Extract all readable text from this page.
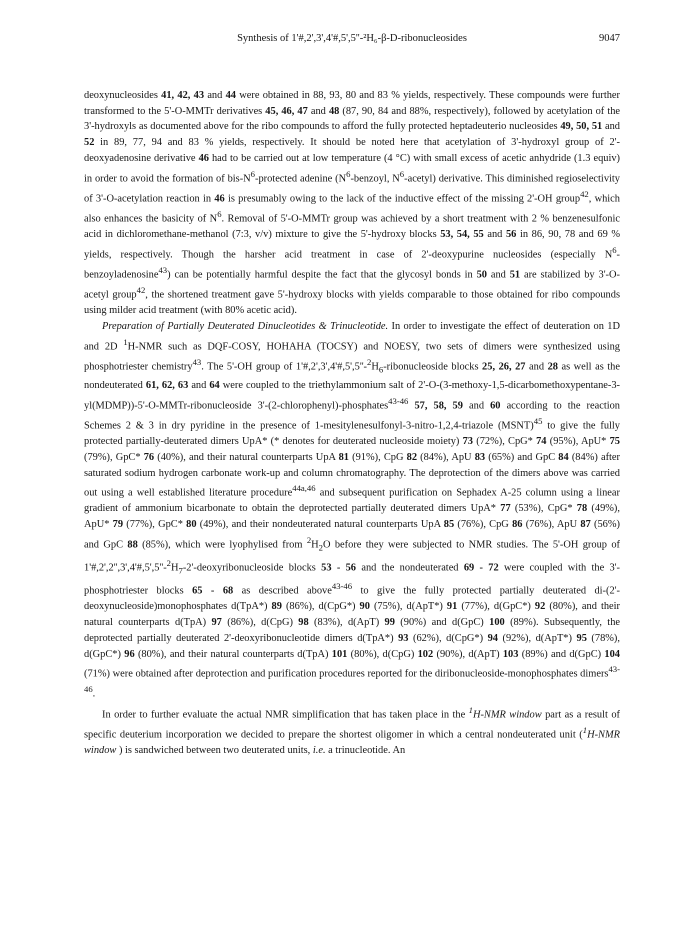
Synthesis of 1'#,2',3',4'#,5',5''-²H₆-β-D-ribonucleosides	9047

deoxynucleosides 41, 42, 43 and 44 were obtained in 88, 93, 80 and 83 % yields, respectively. These compounds were further transformed to the 5'-O-MMTr derivatives 45, 46, 47 and 48 (87, 90, 84 and 88%, respectively), followed by acetylation of the 3'-hydroxyls as documented above for the ribo compounds to afford the fully protected heptadeuterio nucleosides 49, 50, 51 and 52 in 89, 77, 94 and 83 % yields, respectively. It should be noted here that acetylation of 3'-hydroxyl group of 2'-deoxyadenosine derivative 46 had to be carried out at low temperature (4 °C) with small excess of acetic anhydride (1.3 equiv) in order to avoid the formation of bis-$N^6$-protected adenine ($N^6$-benzoyl, $N^6-acetyl$) derivative. This diminished regioselectivity of 3'-O-acetylation reaction in 46 is presumably owing to the lack of the inductive effect of the missing 2'-OH group$^{42}$, which also enhances the basicity of $N^6$. Removal of 5'-O-MMTr group was achieved by a short treatment with 2 % benzenesulfonic acid in dichloromethane-methanol (7:3, v/v) mixture to give the 5'-hydroxy blocks 53, 54, 55 and 56 in 86, 90, 78 and 69 % yields, respectively. Though the harsher acid treatment in case of 2'-deoxypurine nucleosides (especially $N^6-benzoyladenosine^{43}$) can be potentially harmful despite the fact that the glycosyl bonds in 50 and 51 are stabilized by 3'-O-acetyl group$^{42}$, the shortened treatment gave 5'-hydroxy blocks with yields comparable to those obtained for ribo compounds using milder acid treatment (with 80% acetic acid).

Preparation of Partially Deuterated Dinucleotides & Trinucleotide. In order to investigate the effect of deuteration on 1D and 2D $^1$H-NMR such as DQF-COSY, HOHAHA (TOCSY) and NOESY, two sets of dimers were synthesized using phosphotriester chemistry$^{43}$. The 5'-OH group of $1'\#,2',3',4'\#,5',5''-^2H_6$-ribonucleoside blocks 25, 26, 27 and 28 as well as the nondeuterated 61, 62, 63 and 64 were coupled to the triethylammonium salt of 2'-O-(3-methoxy-1,5-dicarbomethoxypentane-3-yl(MDMP))-5'-O-MMTr-ribonucleoside 3'-(2-chlorophenyl)-phosphates$^{43-46}$ 57, 58, 59 and 60 according to the reaction Schemes 2 & 3 in dry pyridine in the presence of 1-mesitylenesulfonyl-3-nitro-1,2,4-triazole (MSNT)$^{45}$ to give the fully protected partially-deuterated dimers UpA* (* denotes for deuterated nucleoside moiety) 73 (72%), CpG* 74 (95%), ApU* 75 (79%), GpC* 76 (40%), and their natural counterparts UpA 81 (91%), CpG 82 (84%), ApU 83 (65%) and GpC 84 (84%) after saturated sodium hydrogen carbonate work-up and column chromatography. The deprotection of the dimers above was carried out using a well established literature procedure$^{44a,46}$ and subsequent purification on Sephadex A-25 column using a linear gradient of ammonium bicarbonate to obtain the deprotected partially deuterated dimers UpA* 77 (53%), CpG* 78 (49%), ApU* 79 (77%), GpC* 80 (49%), and their nondeuterated natural counterparts UpA 85 (76%), CpG 86 (76%), ApU 87 (56%) and GpC 88 (85%), which were lyophylised from $^2H_2O$ before they were subjected to NMR studies. The 5'-OH group of $1'\#,2',2'',3',4'\#,5',5''-^2H_7-2'$-deoxyribonucleoside blocks 53 - 56 and the nondeuterated 69 - 72 were coupled with the 3'-phosphotriester blocks 65 - 68 as described above$^{43-46}$ to give the fully protected partially deuterated di-(2'-deoxynucleoside)monophosphates d(TpA*) 89 (86%), d(CpG*) 90 (75%), d(ApT*) 91 (77%), d(GpC*) 92 (80%), and their natural counterparts d(TpA) 97 (86%), d(CpG) 98 (83%), d(ApT) 99 (90%) and d(GpC) 100 (89%). Subsequently, the deprotected partially deuterated 2'-deoxyribonucleotide dimers d(TpA*) 93 (62%), d(CpG*) 94 (92%), d(ApT*) 95 (78%), d(GpC*) 96 (80%), and their natural counterparts d(TpA) 101 (80%), d(CpG) 102 (90%), d(ApT) 103 (89%) and d(GpC) 104 (71%) were obtained after deprotection and purification procedures reported for the diribonucleoside-monophosphates dimers$^{43-46}$.

In order to further evaluate the actual NMR simplification that has taken place in the $^1$H-NMR window part as a result of specific deuterium incorporation we decided to prepare the shortest oligomer in which a central nondeuterated unit ($^1$H-NMR window ) is sandwiched between two deuterated units, i.e. a trinucleotide. An
